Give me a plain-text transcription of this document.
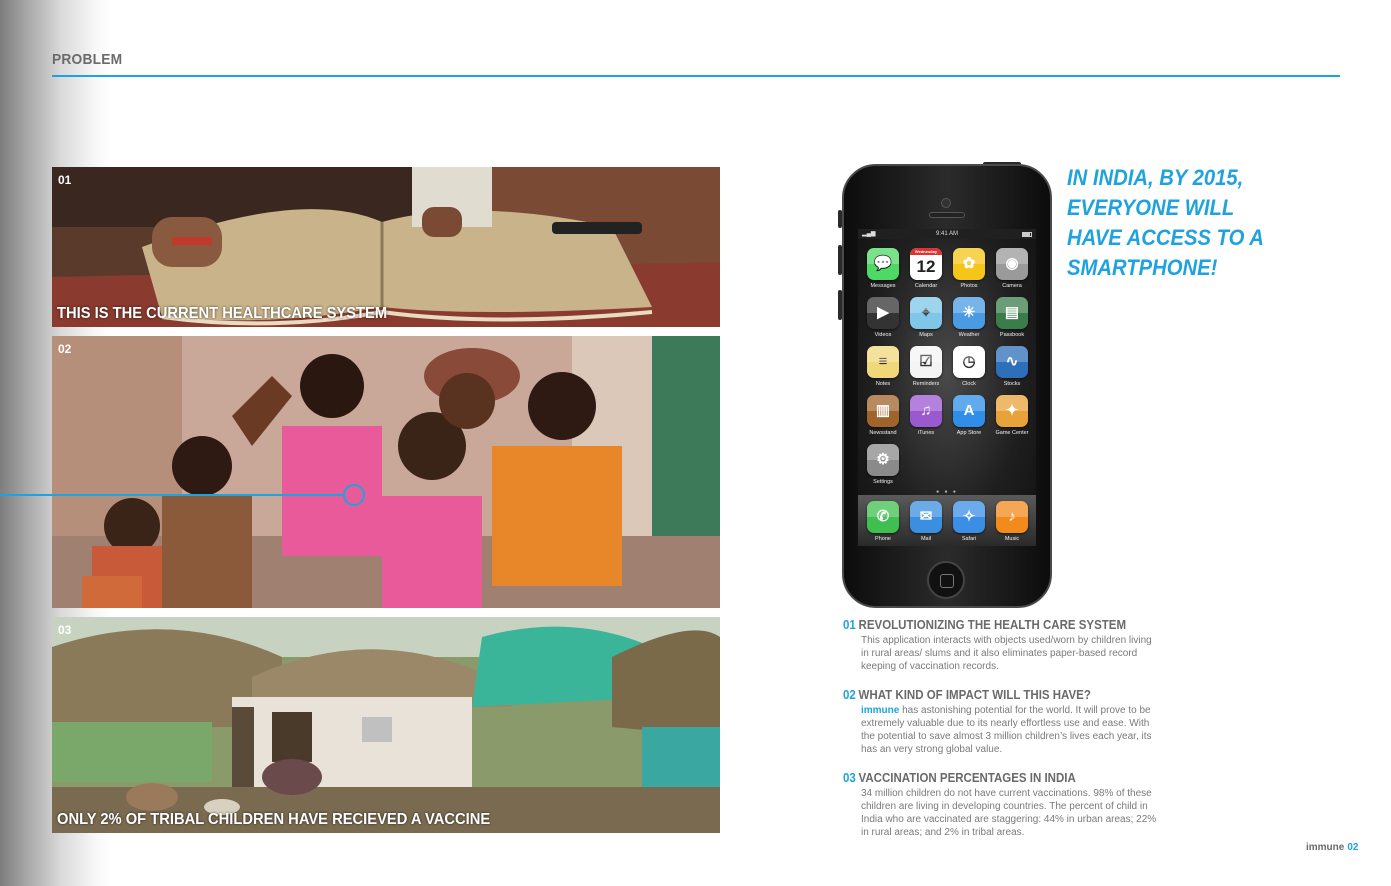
PROBLEM
01
THIS IS THE CURRENT HEALTHCARE SYSTEM
02
03
ONLY 2% OF TRIBAL CHILDREN HAVE RECIEVED A VACCINE
▂▄▆	9:41 AM
💬
Messages
Wednesday
12
Calendar
✿
Photos
◉
Camera
▶
Videos
⌖
Maps
☀
Weather
▤
Passbook
≡
Notes
☑
Reminders
◷
Clock
∿
Stocks
▥
Newsstand
♫
iTunes
A
App Store
✦
Game Center
⚙
Settings
● ● ●
✆
Phone
✉
Mail
✧
Safari
♪
Music
IN INDIA, BY 2015,
EVERYONE WILL
HAVE ACCESS TO A
SMARTPHONE!
01 REVOLUTIONIZING THE HEALTH CARE SYSTEM
This application interacts with objects used/worn by children living in rural areas/ slums and it also eliminates paper-based record keeping of vaccination records.
02 WHAT KIND OF IMPACT WILL THIS HAVE?
immune has astonishing potential for the world. It will prove to be extremely valuable due to its nearly effortless use and ease. With the potential to save almost 3 million children’s lives each year, its has an very strong global value.
03 VACCINATION PERCENTAGES IN INDIA
34 million children do not have current vaccinations. 98% of these children are living in developing countries. The percent of child in India who are vaccinated are staggering: 44% in urban areas; 22% in rural areas; and 2% in tribal areas.
immune 02
